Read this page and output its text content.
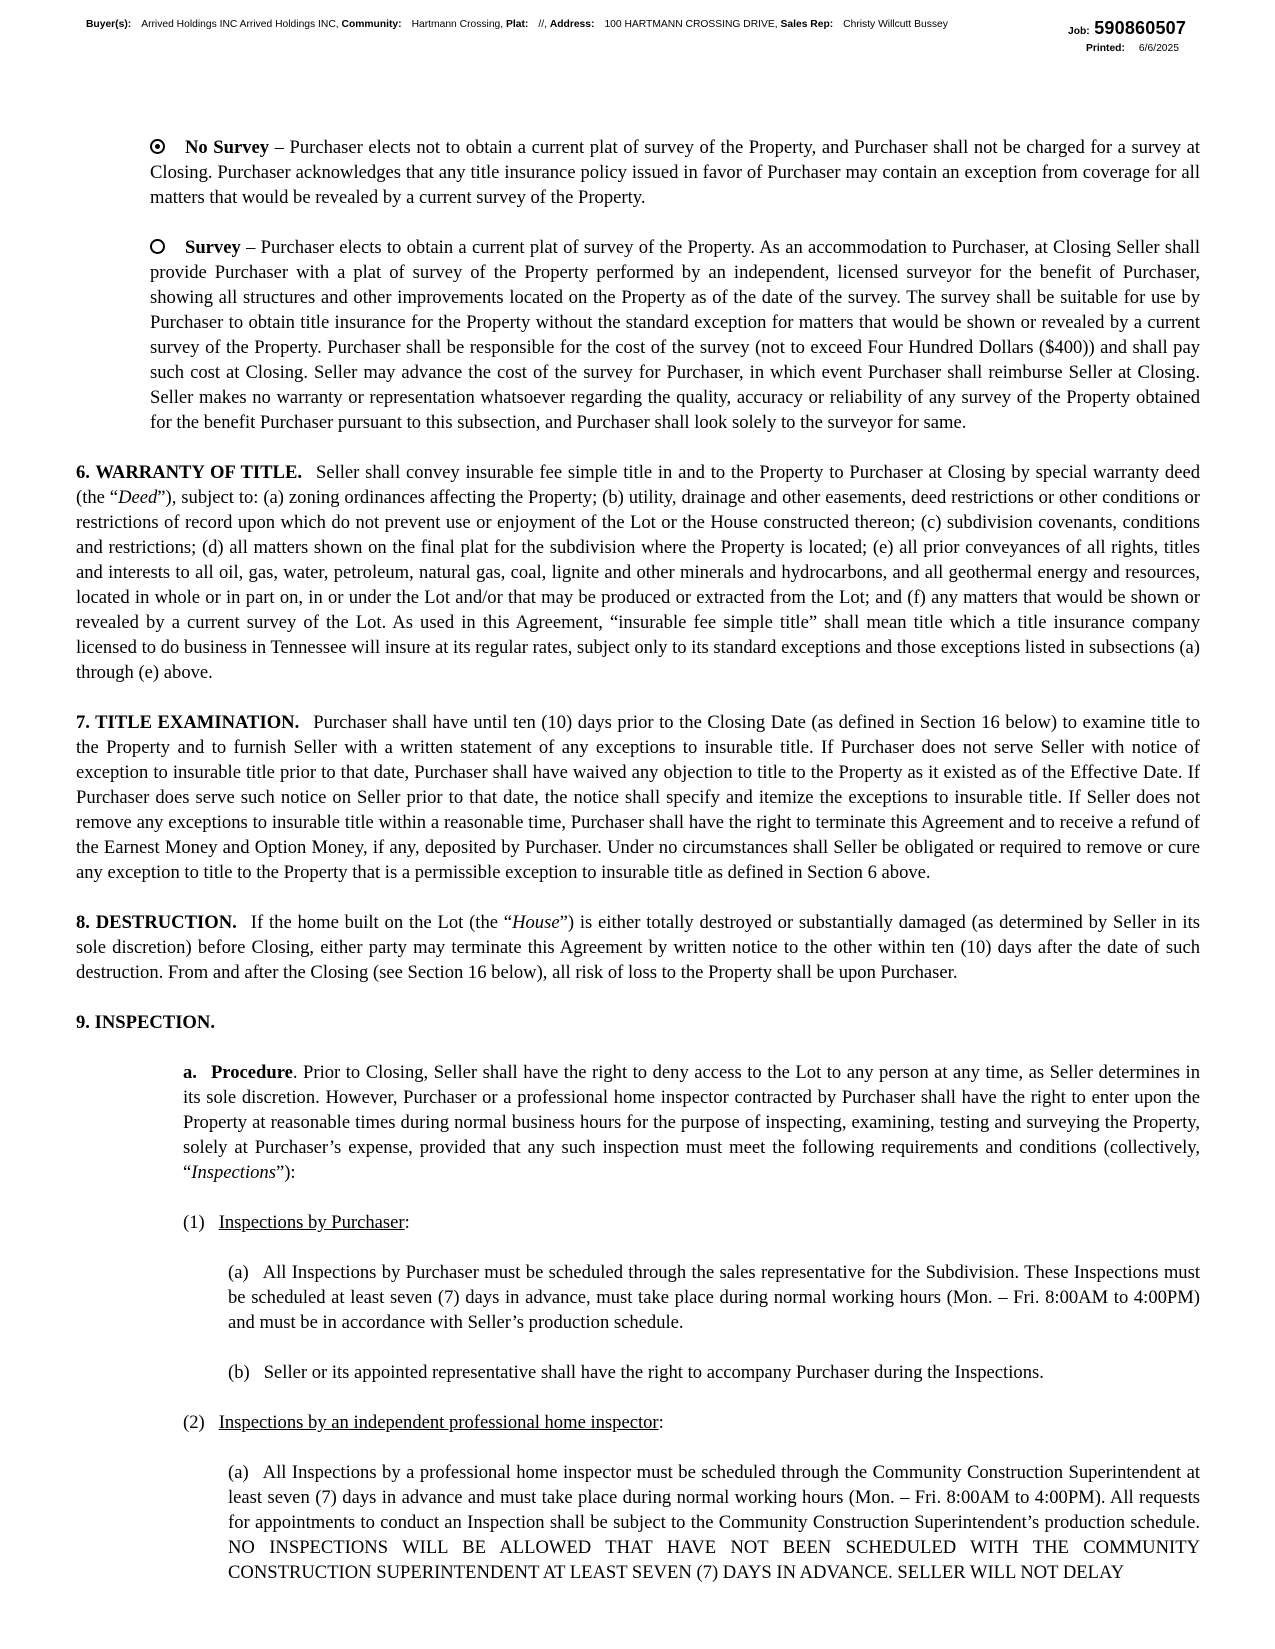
Buyer(s): Arrived Holdings INC Arrived Holdings INC, Community: Hartmann Crossing, Plat: //, Address: 100 HARTMANN CROSSING DRIVE, Sales Rep: Christy Willcutt Bussey
Job: 590860507
Printed: 6/6/2025

No Survey – Purchaser elects not to obtain a current plat of survey of the Property, and Purchaser shall not be charged for a survey at Closing. Purchaser acknowledges that any title insurance policy issued in favor of Purchaser may contain an exception from coverage for all matters that would be revealed by a current survey of the Property.

Survey – Purchaser elects to obtain a current plat of survey of the Property. As an accommodation to Purchaser, at Closing Seller shall provide Purchaser with a plat of survey of the Property performed by an independent, licensed surveyor for the benefit of Purchaser, showing all structures and other improvements located on the Property as of the date of the survey. The survey shall be suitable for use by Purchaser to obtain title insurance for the Property without the standard exception for matters that would be shown or revealed by a current survey of the Property. Purchaser shall be responsible for the cost of the survey (not to exceed Four Hundred Dollars ($400)) and shall pay such cost at Closing. Seller may advance the cost of the survey for Purchaser, in which event Purchaser shall reimburse Seller at Closing. Seller makes no warranty or representation whatsoever regarding the quality, accuracy or reliability of any survey of the Property obtained for the benefit Purchaser pursuant to this subsection, and Purchaser shall look solely to the surveyor for same.

6. WARRANTY OF TITLE. Seller shall convey insurable fee simple title in and to the Property to Purchaser at Closing by special warranty deed (the “Deed”), subject to: (a) zoning ordinances affecting the Property; (b) utility, drainage and other easements, deed restrictions or other conditions or restrictions of record upon which do not prevent use or enjoyment of the Lot or the House constructed thereon; (c) subdivision covenants, conditions and restrictions; (d) all matters shown on the final plat for the subdivision where the Property is located; (e) all prior conveyances of all rights, titles and interests to all oil, gas, water, petroleum, natural gas, coal, lignite and other minerals and hydrocarbons, and all geothermal energy and resources, located in whole or in part on, in or under the Lot and/or that may be produced or extracted from the Lot; and (f) any matters that would be shown or revealed by a current survey of the Lot. As used in this Agreement, “insurable fee simple title” shall mean title which a title insurance company licensed to do business in Tennessee will insure at its regular rates, subject only to its standard exceptions and those exceptions listed in subsections (a) through (e) above.

7. TITLE EXAMINATION. Purchaser shall have until ten (10) days prior to the Closing Date (as defined in Section 16 below) to examine title to the Property and to furnish Seller with a written statement of any exceptions to insurable title. If Purchaser does not serve Seller with notice of exception to insurable title prior to that date, Purchaser shall have waived any objection to title to the Property as it existed as of the Effective Date. If Purchaser does serve such notice on Seller prior to that date, the notice shall specify and itemize the exceptions to insurable title. If Seller does not remove any exceptions to insurable title within a reasonable time, Purchaser shall have the right to terminate this Agreement and to receive a refund of the Earnest Money and Option Money, if any, deposited by Purchaser. Under no circumstances shall Seller be obligated or required to remove or cure any exception to title to the Property that is a permissible exception to insurable title as defined in Section 6 above.

8. DESTRUCTION. If the home built on the Lot (the “House”) is either totally destroyed or substantially damaged (as determined by Seller in its sole discretion) before Closing, either party may terminate this Agreement by written notice to the other within ten (10) days after the date of such destruction. From and after the Closing (see Section 16 below), all risk of loss to the Property shall be upon Purchaser.

9. INSPECTION.

a. Procedure. Prior to Closing, Seller shall have the right to deny access to the Lot to any person at any time, as Seller determines in its sole discretion. However, Purchaser or a professional home inspector contracted by Purchaser shall have the right to enter upon the Property at reasonable times during normal business hours for the purpose of inspecting, examining, testing and surveying the Property, solely at Purchaser’s expense, provided that any such inspection must meet the following requirements and conditions (collectively, “Inspections”):

(1) Inspections by Purchaser:

(a) All Inspections by Purchaser must be scheduled through the sales representative for the Subdivision. These Inspections must be scheduled at least seven (7) days in advance, must take place during normal working hours (Mon. – Fri. 8:00AM to 4:00PM) and must be in accordance with Seller’s production schedule.

(b) Seller or its appointed representative shall have the right to accompany Purchaser during the Inspections.

(2) Inspections by an independent professional home inspector:

(a) All Inspections by a professional home inspector must be scheduled through the Community Construction Superintendent at least seven (7) days in advance and must take place during normal working hours (Mon. – Fri. 8:00AM to 4:00PM). All requests for appointments to conduct an Inspection shall be subject to the Community Construction Superintendent’s production schedule. NO INSPECTIONS WILL BE ALLOWED THAT HAVE NOT BEEN SCHEDULED WITH THE COMMUNITY CONSTRUCTION SUPERINTENDENT AT LEAST SEVEN (7) DAYS IN ADVANCE. SELLER WILL NOT DELAY
